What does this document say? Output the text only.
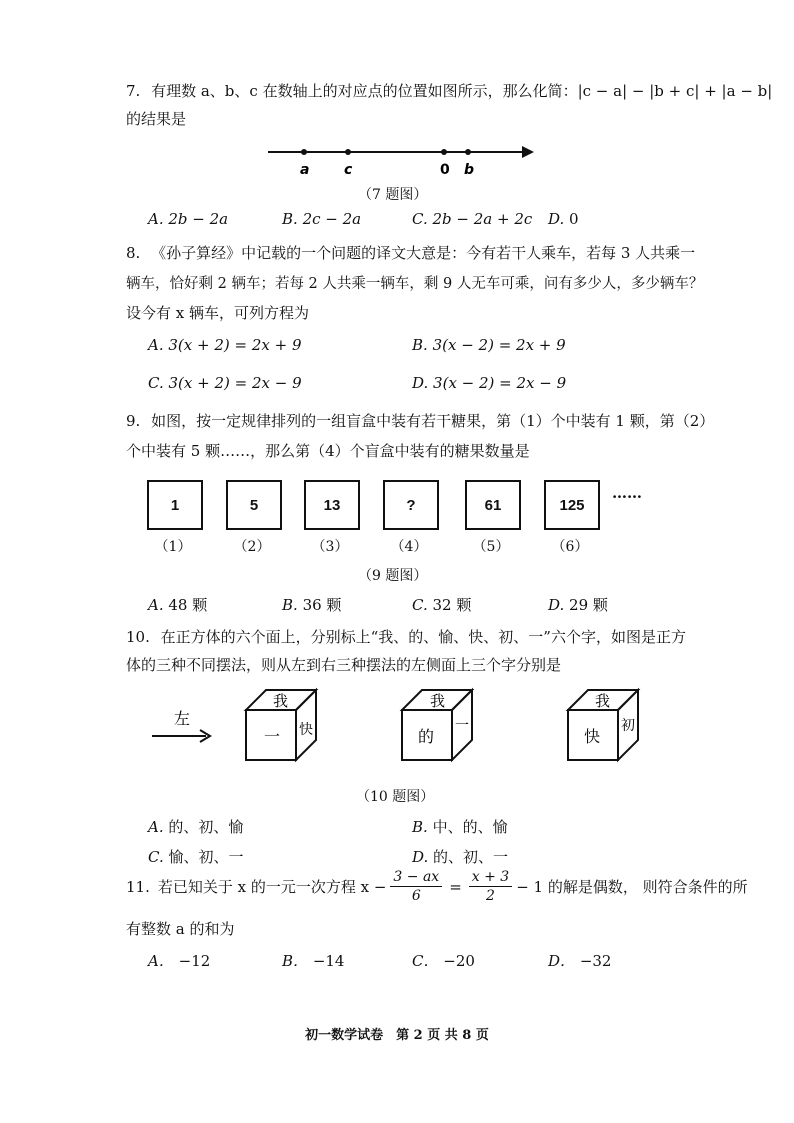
7. 有理数 a、b、c 在数轴上的对应点的位置如图所示，那么化简：|c − a| − |b + c| + |a − b|
的结果是
a c	0 b
（7 题图）
A. 2b − 2a	B. 2c − 2a	C. 2b − 2a + 2c D. 0
8. 《孙子算经》中记载的一个问题的译文大意是：今有若干人乘车，若每 3 人共乘一
辆车，恰好剩 2 辆车；若每 2 人共乘一辆车，剩 9 人无车可乘，问有多少人，多少辆车？
设今有 x 辆车，可列方程为
A. 3(x + 2) = 2x + 9	B. 3(x − 2) = 2x + 9
C. 3(x + 2) = 2x − 9	D. 3(x − 2) = 2x − 9
9. 如图，按一定规律排列的一组盲盒中装有若干糖果，第（1）个中装有 1 颗，第（2）
个中装有 5 颗……，那么第（4）个盲盒中装有的糖果数量是
1	5	13	?	61	125
……
（1）	（2）	（3）	（4）	（5）	（6）
（9 题图）
A. 48 颗	B. 36 颗	C. 32 颗	D. 29 颗
10. 在正方体的六个面上，分别标上“我、的、愉、快、初、一”六个字，如图是正方
体的三种不同摆法，则从左到右三种摆法的左侧面上三个字分别是
左
我
一 快
我
的
一
我
快
初
（10 题图）
A. 的、初、愉	B. 中、的、愉
C. 愉、初、一	D. 的、初、一
11. 若已知关于 x 的一元一次方程 $x - \frac{3 - ax}{6} = \frac{x + 3}{2} - 1$ 的解是偶数， 则符合条件的所
有整数 a 的和为
A． −12	B． −14	C． −20	D． −32
初一数学试卷　第 2 页 共 8 页
